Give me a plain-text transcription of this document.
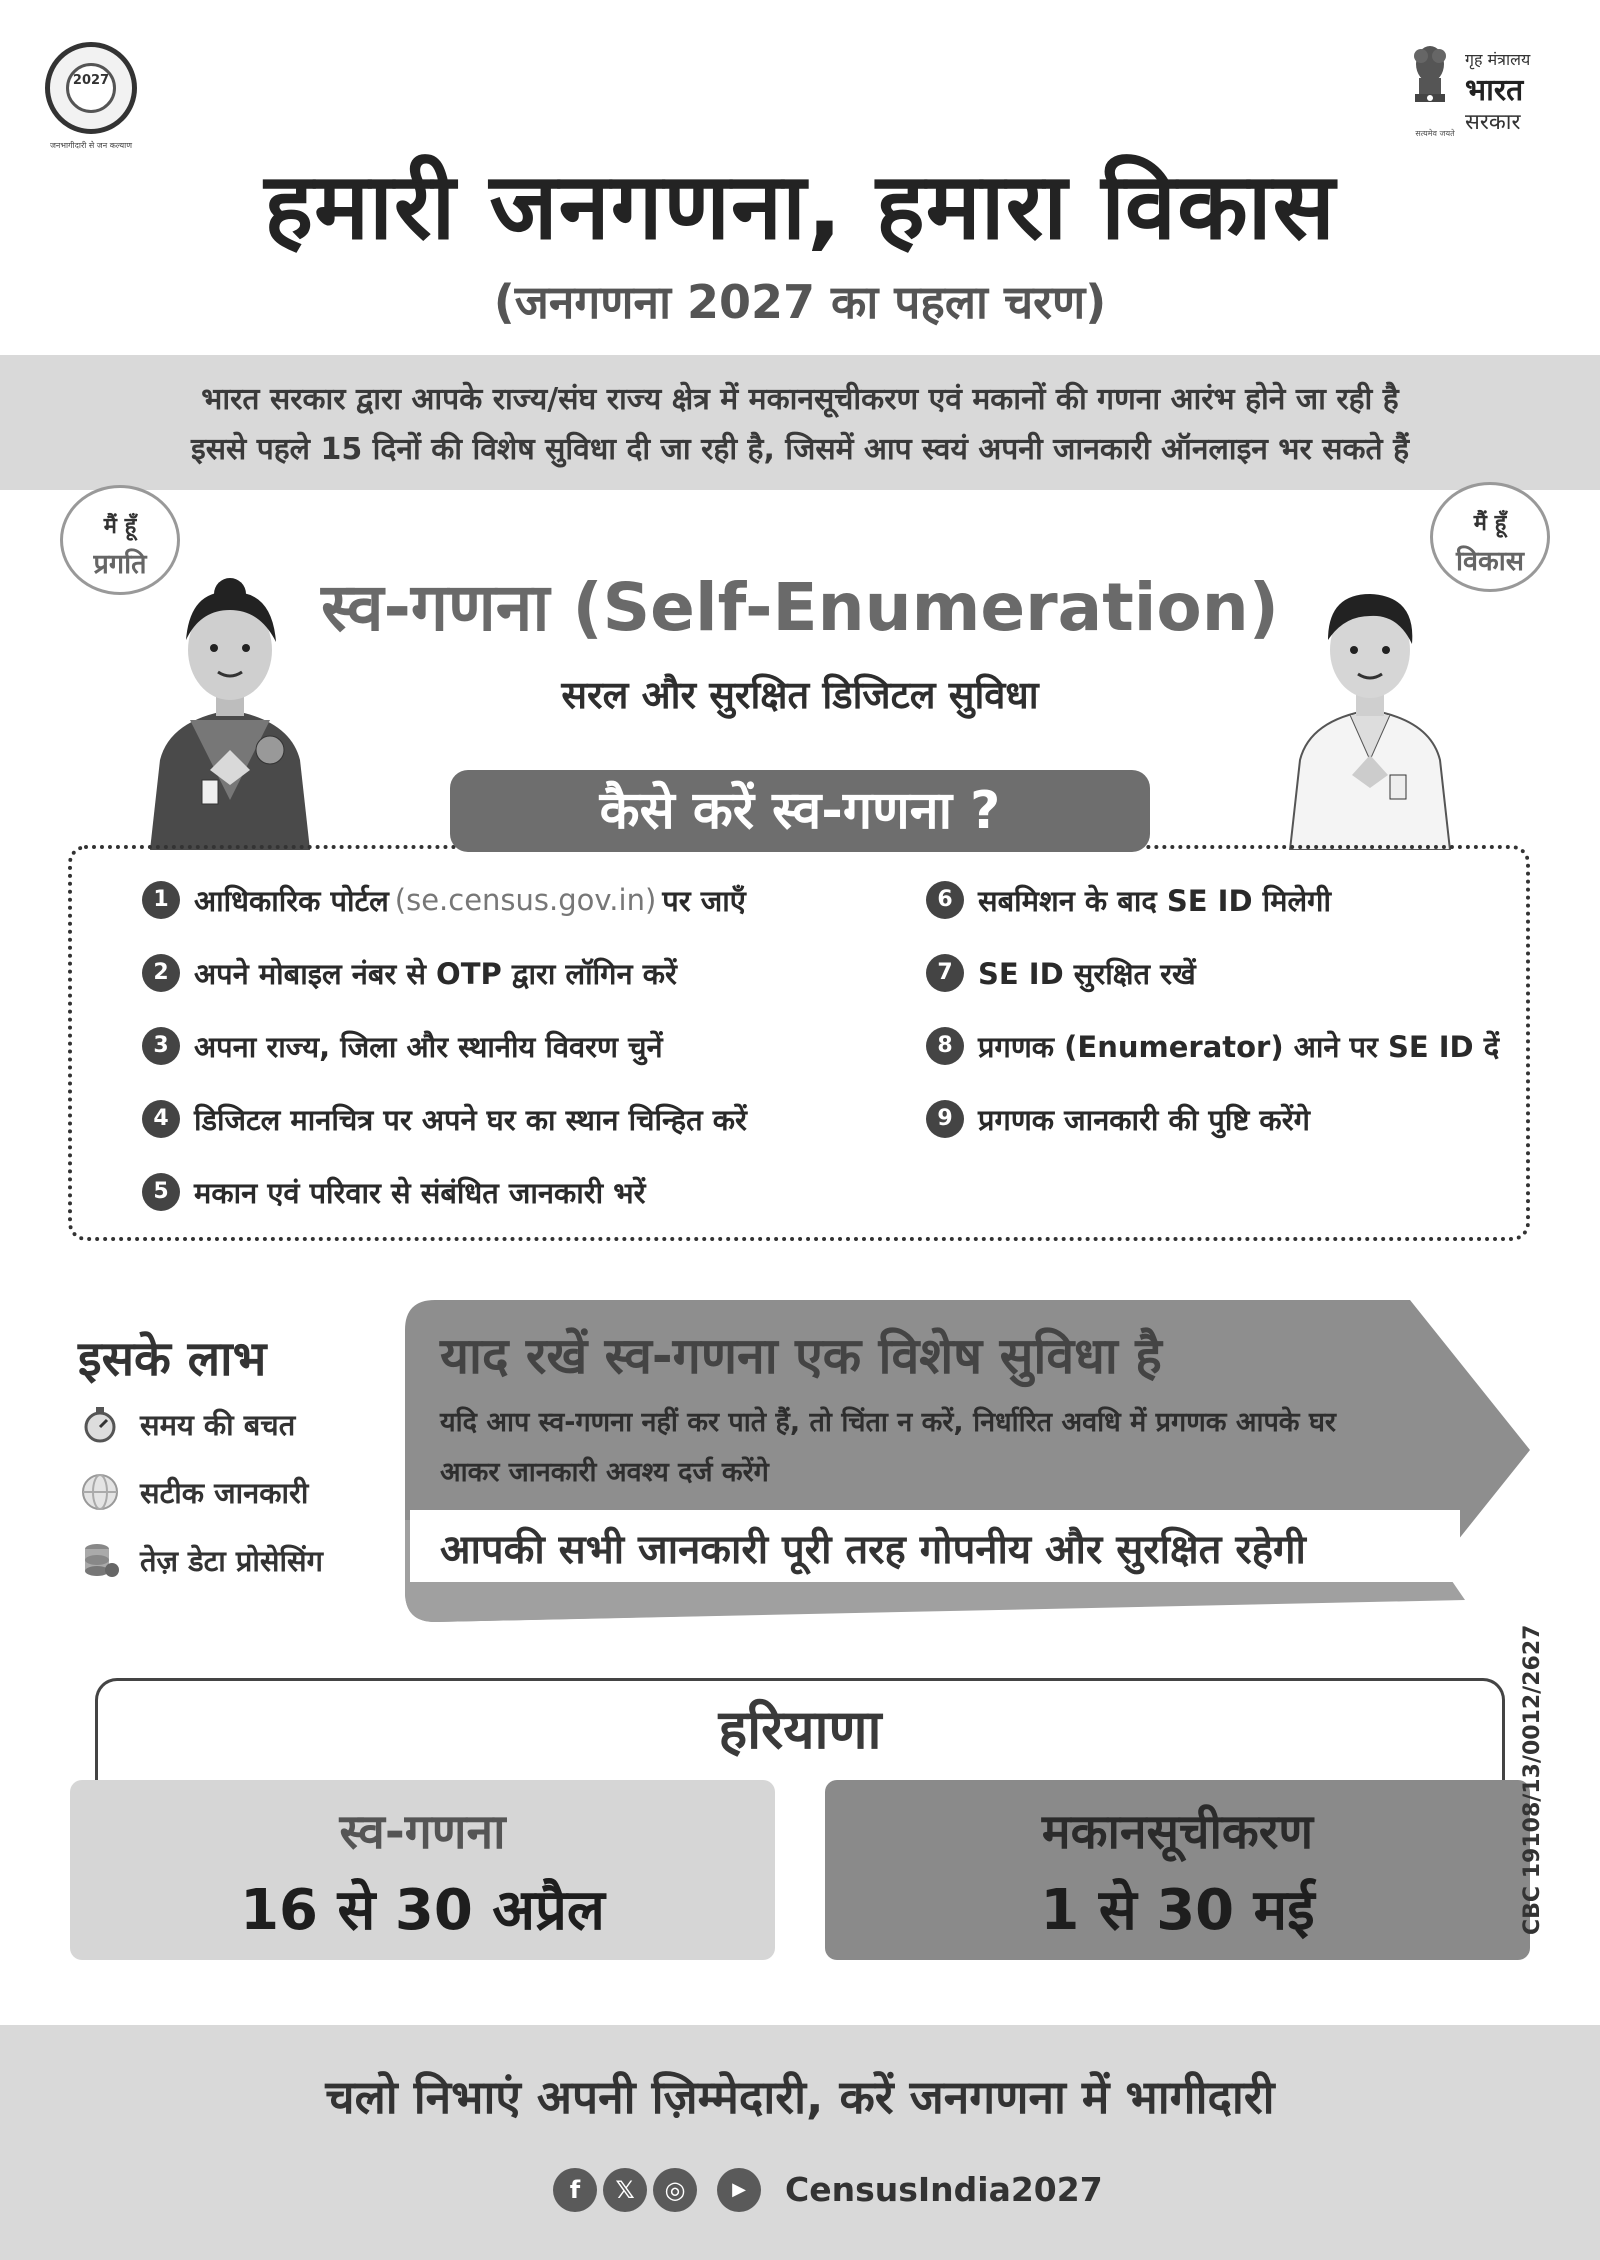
2027
जनभागीदारी से जन कल्याण
गृह मंत्रालय
भारत
सरकार
सत्यमेव जयते
हमारी जनगणना, हमारा विकास
(जनगणना 2027 का पहला चरण)
भारत सरकार द्वारा आपके राज्य/संघ राज्य क्षेत्र में मकानसूचीकरण एवं मकानों की गणना आरंभ होने जा रही है
इससे पहले 15 दिनों की विशेष सुविधा दी जा रही है, जिसमें आप स्वयं अपनी जानकारी ऑनलाइन भर सकते हैं
मैं हूँ
प्रगति
मैं हूँ
विकास
स्व-गणना (Self-Enumeration)
सरल और सुरक्षित डिजिटल सुविधा
कैसे करें स्व-गणना ?
1 आधिकारिक पोर्टल (se.census.gov.in) पर जाएँ
2 अपने मोबाइल नंबर से OTP द्वारा लॉगिन करें
3 अपना राज्य, जिला और स्थानीय विवरण चुनें
4 डिजिटल मानचित्र पर अपने घर का स्थान चिन्हित करें
5 मकान एवं परिवार से संबंधित जानकारी भरें
6 सबमिशन के बाद SE ID मिलेगी
7 SE ID सुरक्षित रखें
8 प्रगणक (Enumerator) आने पर SE ID दें
9 प्रगणक जानकारी की पुष्टि करेंगे
इसके लाभ
समय की बचत
सटीक जानकारी
तेज़ डेटा प्रोसेसिंग
याद रखें स्व-गणना एक विशेष सुविधा है
यदि आप स्व-गणना नहीं कर पाते हैं, तो चिंता न करें, निर्धारित अवधि में प्रगणक आपके घर
आकर जानकारी अवश्य दर्ज करेंगे
आपकी सभी जानकारी पूरी तरह गोपनीय और सुरक्षित रहेगी
हरियाणा
स्व-गणना
16 से 30 अप्रैल
मकानसूचीकरण
1 से 30 मई	CBC 19108/13/0012/2627
चलो निभाएं अपनी ज़िम्मेदारी, करें जनगणना में भागीदारी
f	𝕏	◎	▶	CensusIndia2027
